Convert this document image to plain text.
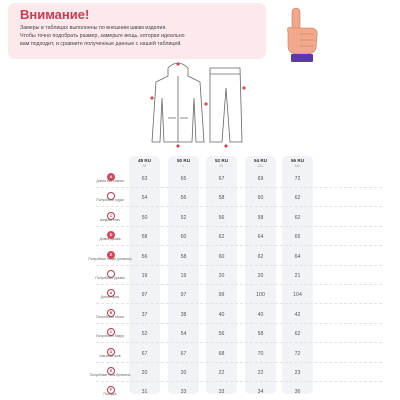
Внимание!
Замеры в таблицах выполнены по внешним швам изделия.
Чтобы точно подобрать размер, замерьте вещь, которая идеально
вам подходит, и сравните полученные данные с нашей таблицей.
48 RU	50 RU	52 RU	54 RU	56 RU
M	L	XL	2XL	3XL
A
Длина без планки	63	65	67	69	72
Полуобхват груди	54	56	58	60	62
C
Ширина плеч	50	52	56	58	62
D
Длина рукава	58	60	62	64	65
E
Полуобхват бедер (резинка)	56	58	60	62	64
Полуобхват рукава	19	19	20	20	21
A
Длина брюк	97	97	99	100	104
B
Полуобхват талии	37	38	40	40	42
C
Полуобхват бедер	52	54	56	58	62
D
Шаговый шов	67	67	68	70	72
E
Полуобхват низа брючины	20	20	22	22	23
F
Посадка	31	33	33	34	36
